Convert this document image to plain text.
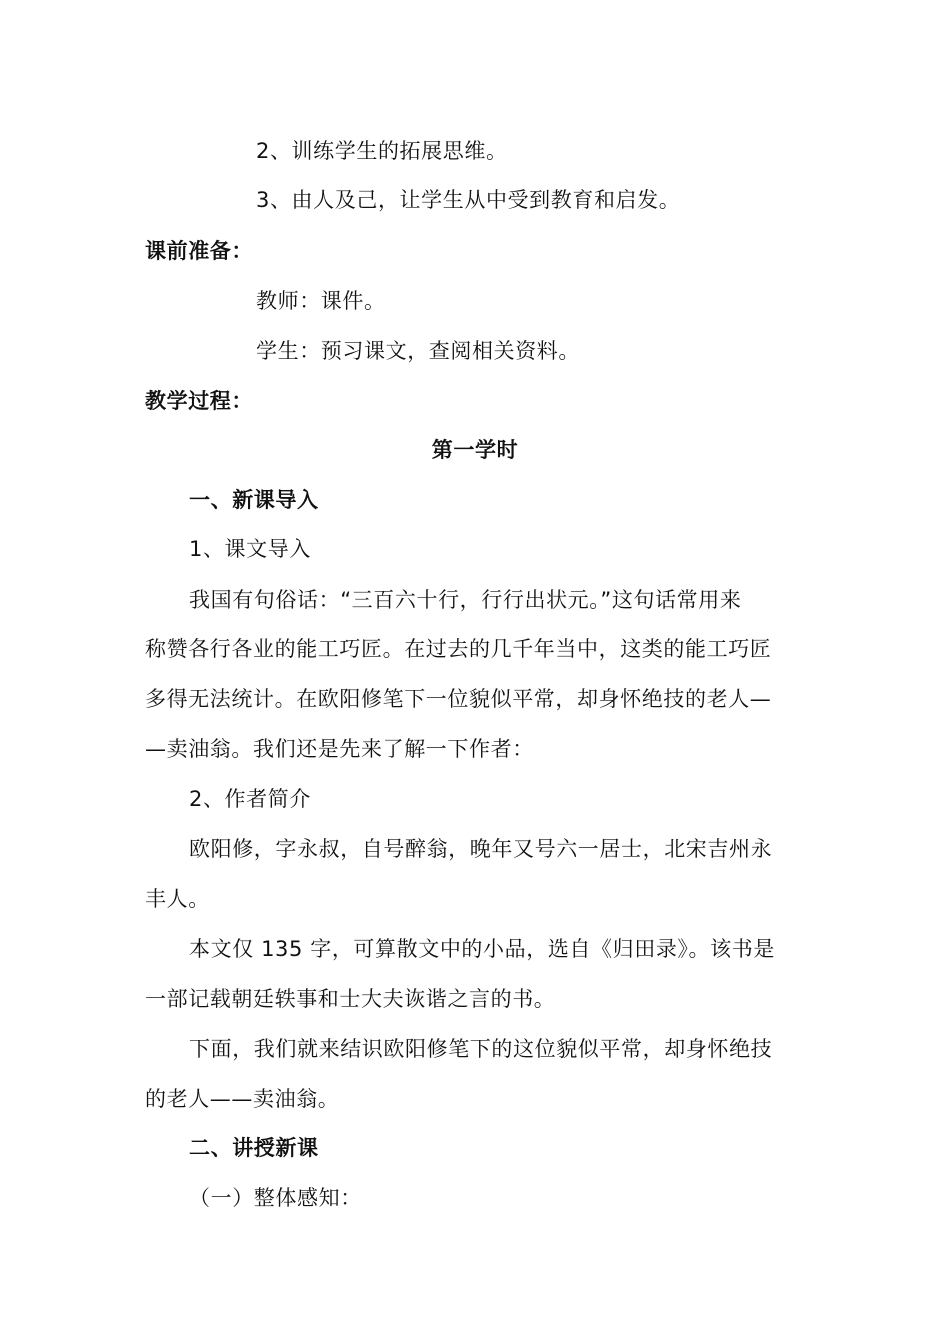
2、训练学生的拓展思维。
3、由人及己，让学生从中受到教育和启发。
课前准备：
教师：课件。
学生：预习课文，查阅相关资料。
教学过程：
第一学时
一、新课导入
1、课文导入
我国有句俗话：“三百六十行，行行出状元。”这句话常用来
称赞各行各业的能工巧匠。在过去的几千年当中，这类的能工巧匠
多得无法统计。在欧阳修笔下一位貌似平常，却身怀绝技的老人—
—卖油翁。我们还是先来了解一下作者：
2、作者简介
欧阳修，字永叔，自号醉翁，晚年又号六一居士，北宋吉州永
丰人。
本文仅 135 字，可算散文中的小品，选自《归田录》。该书是
一部记载朝廷轶事和士大夫诙谐之言的书。
下面，我们就来结识欧阳修笔下的这位貌似平常，却身怀绝技
的老人——卖油翁。
二、讲授新课
（一）整体感知：
